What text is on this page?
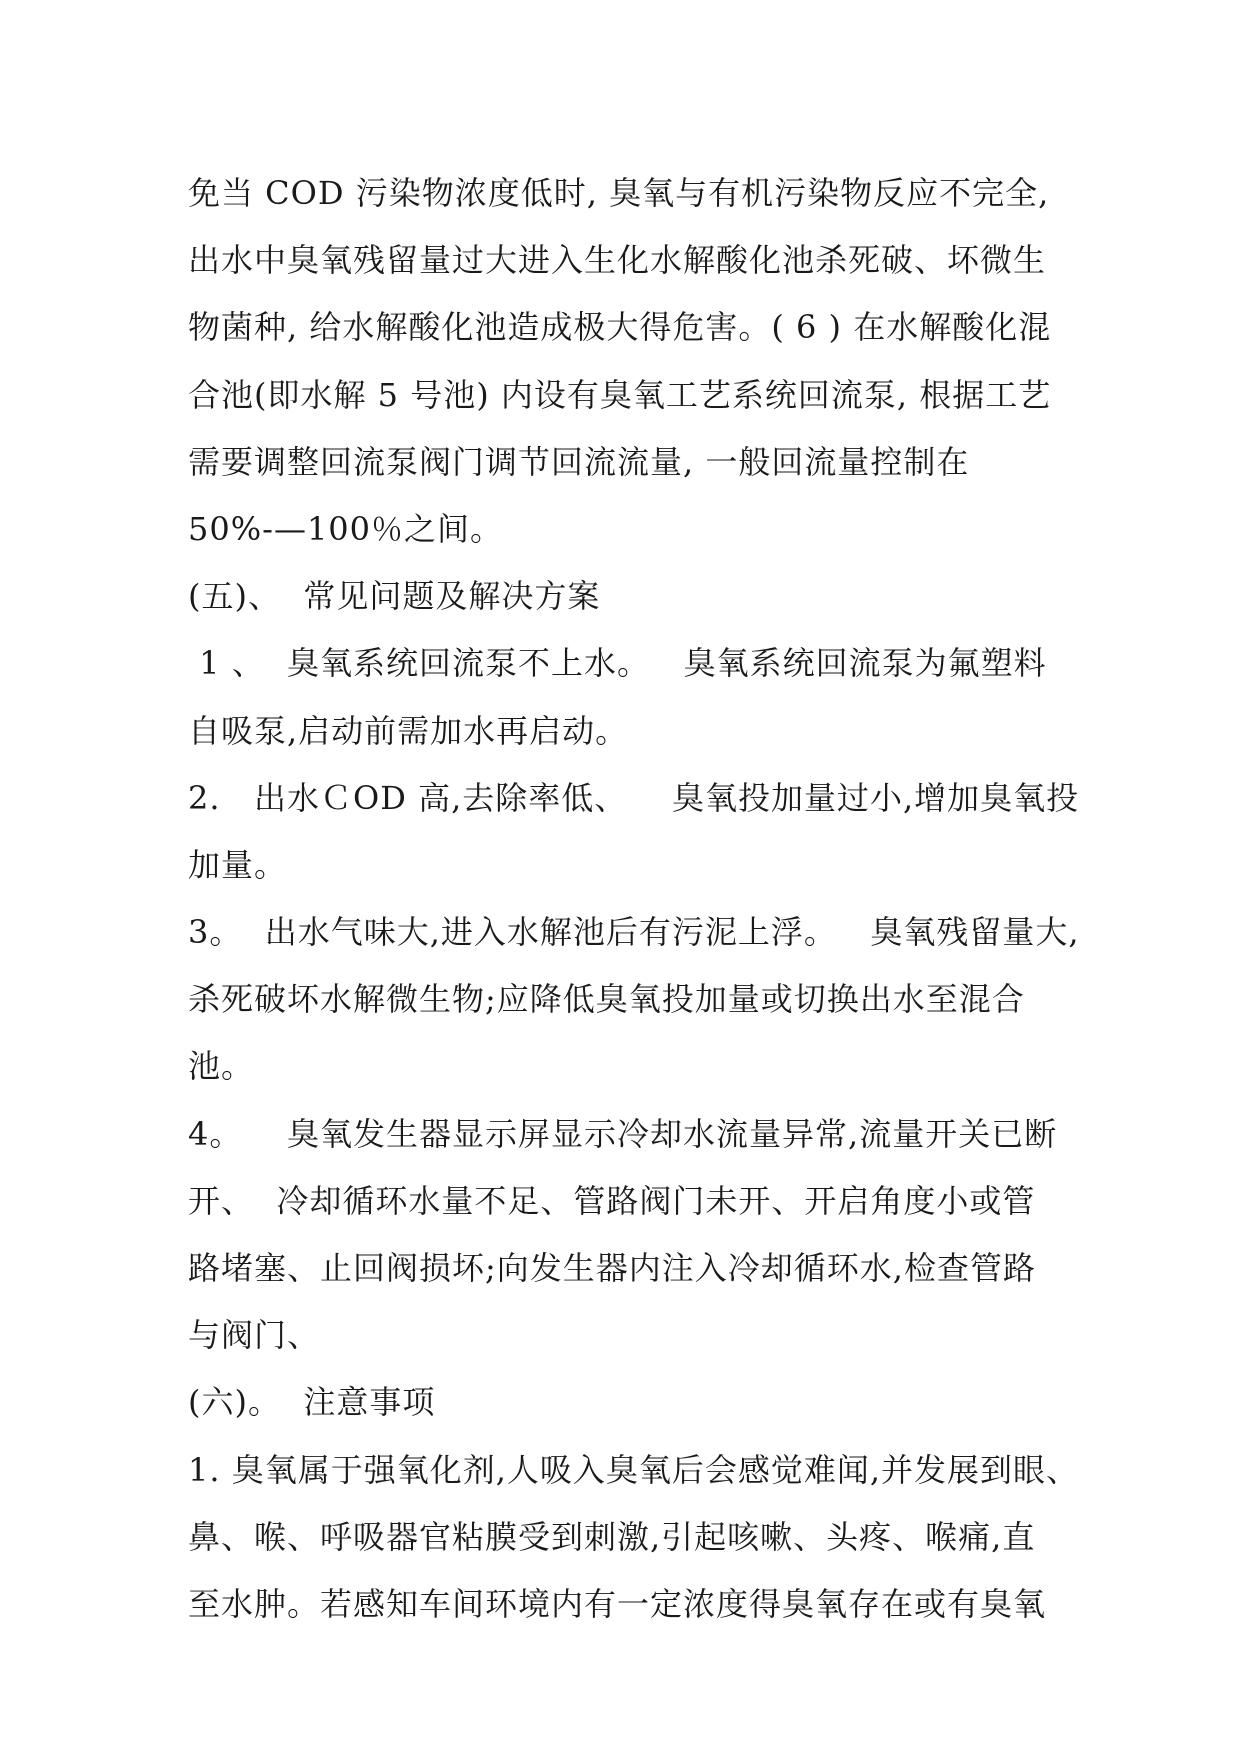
免当 COD 污染物浓度低时, 臭氧与有机污染物反应不完全,
出水中臭氧残留量过大进入生化水解酸化池杀死破、坏微生
物菌种, 给水解酸化池造成极大得危害。( 6 ) 在水解酸化混
合池(即水解 5 号池) 内设有臭氧工艺系统回流泵, 根据工艺
需要调整回流泵阀门调节回流流量, 一般回流量控制在
50%-—100％之间。
(五)、  常见问题及解决方案
1 、  臭氧系统回流泵不上水。   臭氧系统回流泵为氟塑料
自吸泵,启动前需加水再启动。
2.   出水ＣOD 高,去除率低、    臭氧投加量过小,增加臭氧投
加量。
3。  出水气味大,进入水解池后有污泥上浮。   臭氧残留量大,
杀死破坏水解微生物;应降低臭氧投加量或切换出水至混合
池。
4。    臭氧发生器显示屏显示冷却水流量异常,流量开关已断
开、  冷却循环水量不足、管路阀门未开、开启角度小或管
路堵塞、止回阀损坏;向发生器内注入冷却循环水,检查管路
与阀门、
(六)。  注意事项
1. 臭氧属于强氧化剂,人吸入臭氧后会感觉难闻,并发展到眼、
鼻、喉、呼吸器官粘膜受到刺激,引起咳嗽、头疼、喉痛,直
至水肿。若感知车间环境内有一定浓度得臭氧存在或有臭氧
